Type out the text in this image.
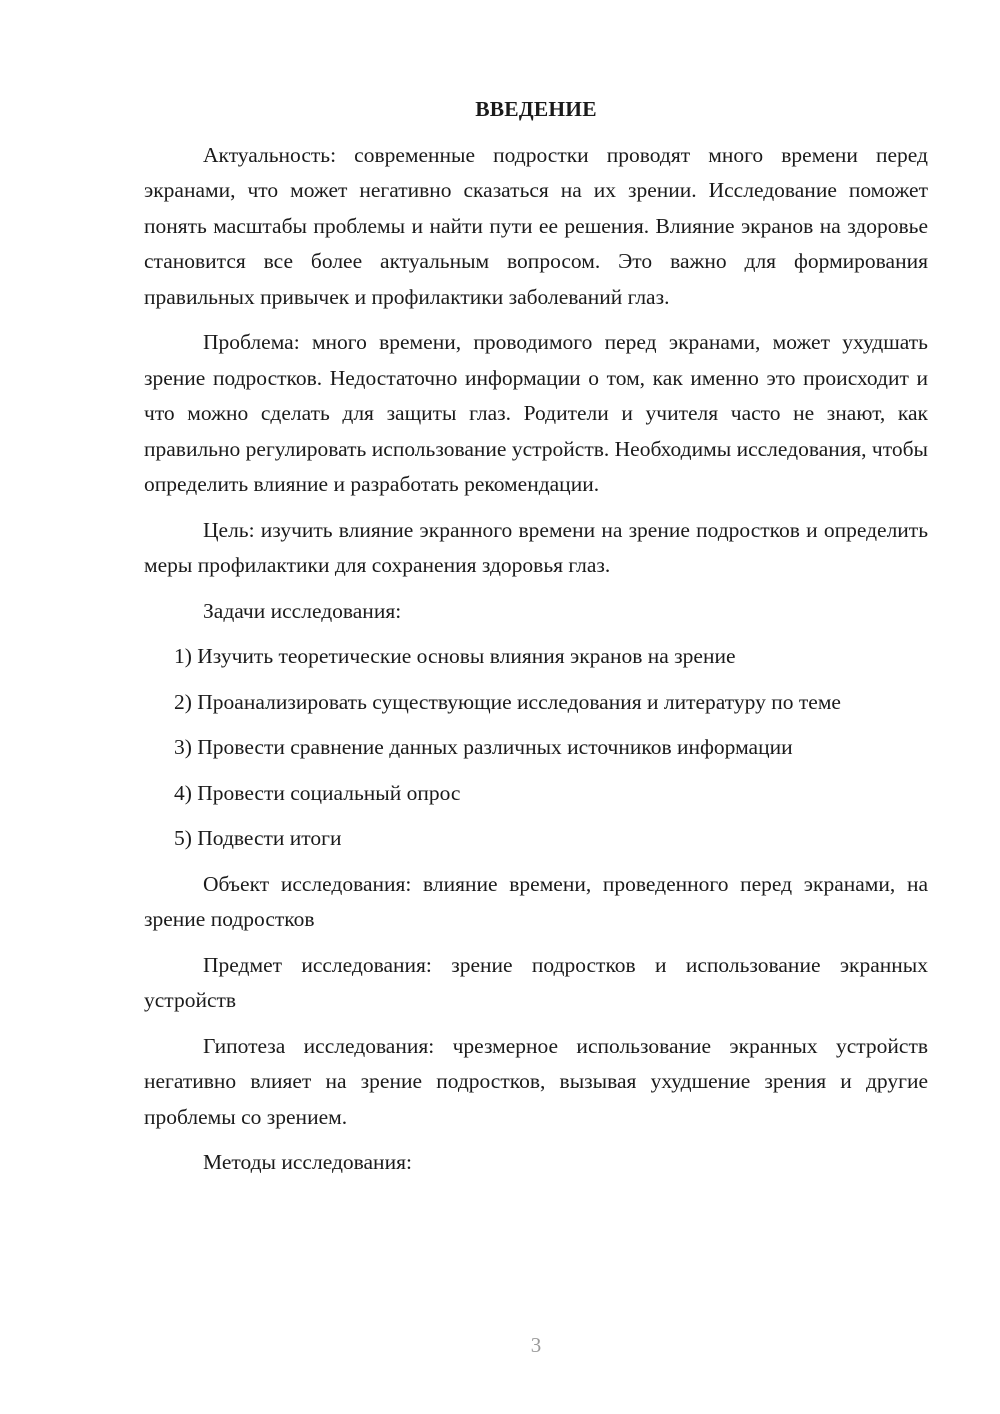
ВВЕДЕНИЕ

Актуальность: современные подростки проводят много времени перед экранами, что может негативно сказаться на их зрении. Исследование поможет понять масштабы проблемы и найти пути ее решения. Влияние экранов на здоровье становится все более актуальным вопросом. Это важно для формирования правильных привычек и профилактики заболеваний глаз.

Проблема: много времени, проводимого перед экранами, может ухудшать зрение подростков. Недостаточно информации о том, как именно это происходит и что можно сделать для защиты глаз. Родители и учителя часто не знают, как правильно регулировать использование устройств. Необходимы исследования, чтобы определить влияние и разработать рекомендации.

Цель: изучить влияние экранного времени на зрение подростков и определить меры профилактики для сохранения здоровья глаз.

Задачи исследования:

1) Изучить теоретические основы влияния экранов на зрение

2) Проанализировать существующие исследования и литературу по теме

3) Провести сравнение данных различных источников информации

4) Провести социальный опрос

5) Подвести итоги

Объект исследования: влияние времени, проведенного перед экранами, на зрение подростков

Предмет исследования: зрение подростков и использование экранных устройств

Гипотеза исследования: чрезмерное использование экранных устройств негативно влияет на зрение подростков, вызывая ухудшение зрения и другие проблемы со зрением.

Методы исследования:

3
